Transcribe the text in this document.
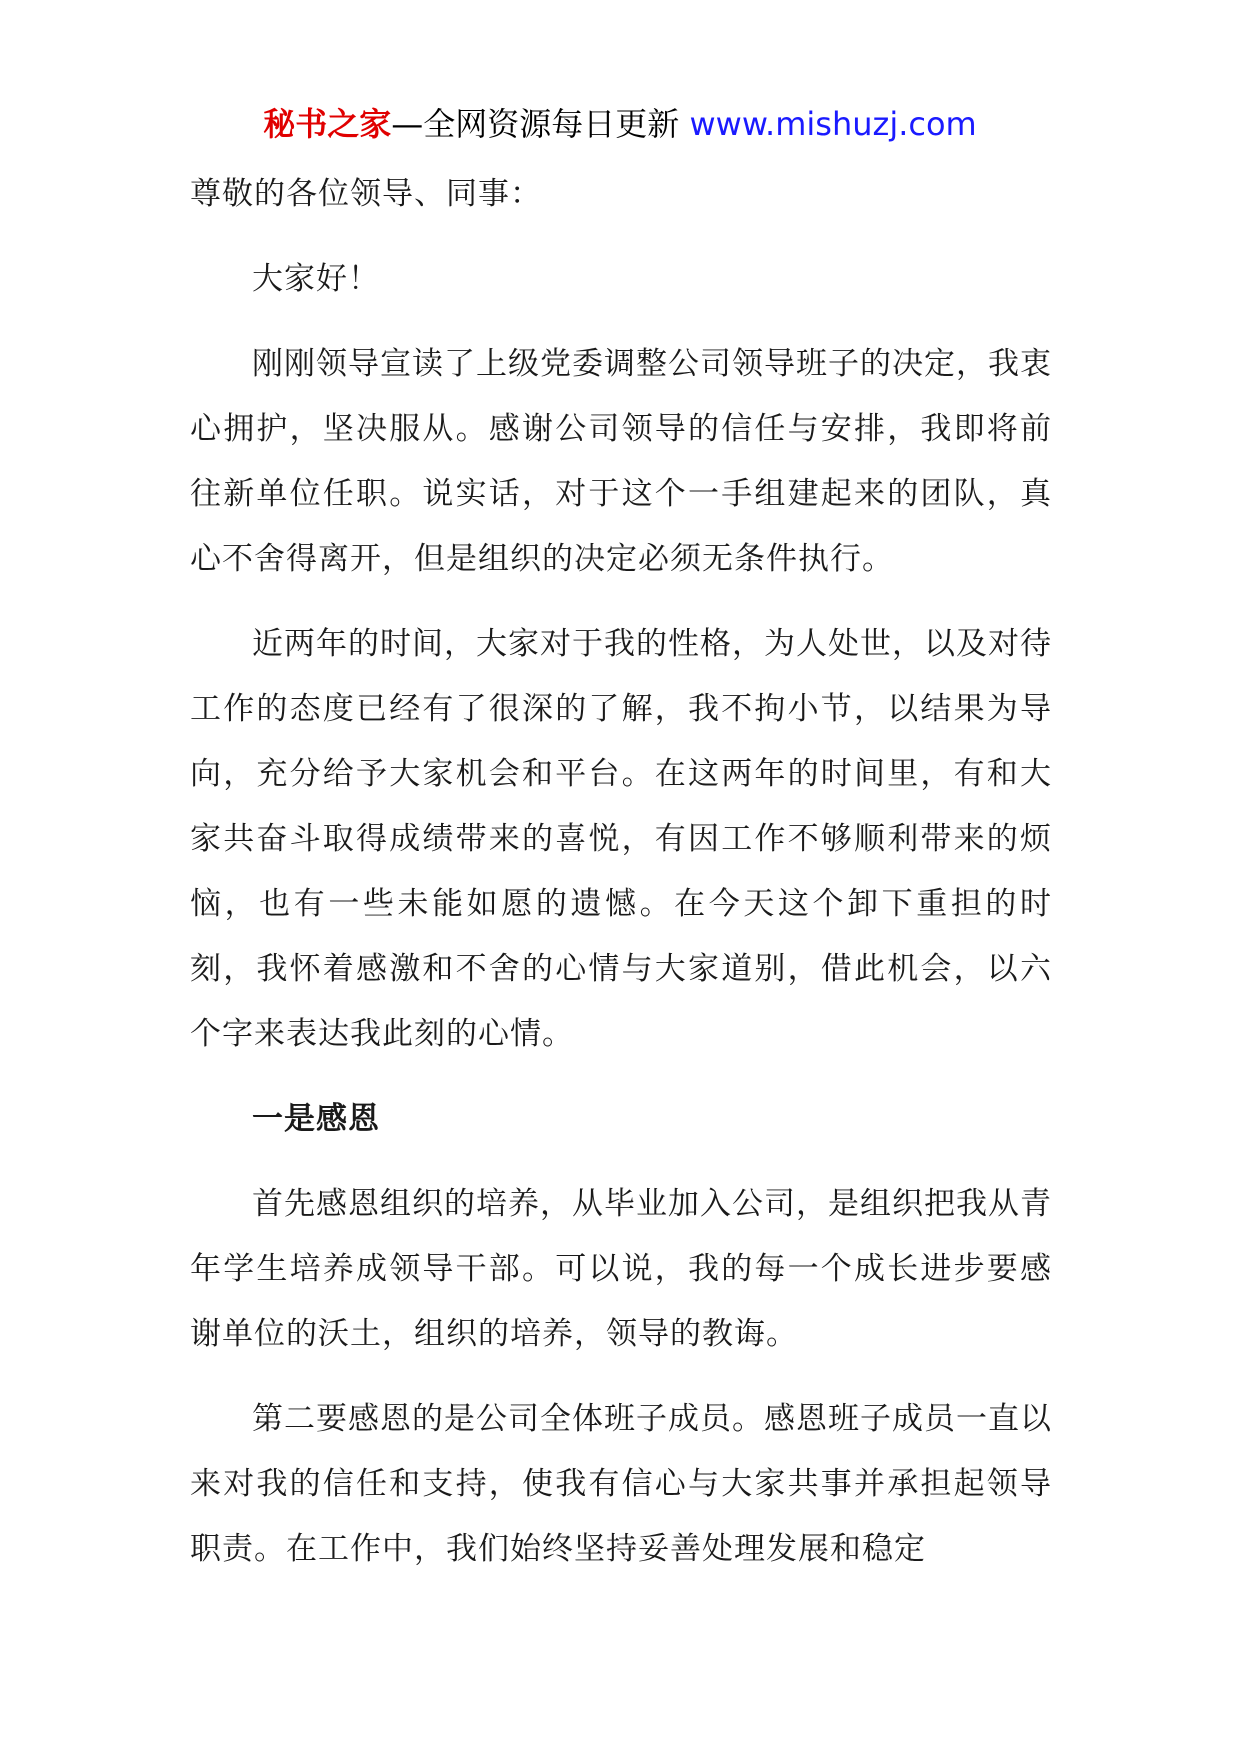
秘书之家—全网资源每日更新 www.mishuzj.com

尊敬的各位领导、同事：

大家好！

刚刚领导宣读了上级党委调整公司领导班子的决定，我衷心拥护，坚决服从。感谢公司领导的信任与安排，我即将前往新单位任职。说实话，对于这个一手组建起来的团队，真心不舍得离开，但是组织的决定必须无条件执行。

近两年的时间，大家对于我的性格，为人处世，以及对待工作的态度已经有了很深的了解，我不拘小节，以结果为导向，充分给予大家机会和平台。在这两年的时间里，有和大家共奋斗取得成绩带来的喜悦，有因工作不够顺利带来的烦恼，也有一些未能如愿的遗憾。在今天这个卸下重担的时刻，我怀着感激和不舍的心情与大家道别，借此机会，以六个字来表达我此刻的心情。

一是感恩

首先感恩组织的培养，从毕业加入公司，是组织把我从青年学生培养成领导干部。可以说，我的每一个成长进步要感谢单位的沃土，组织的培养，领导的教诲。

第二要感恩的是公司全体班子成员。感恩班子成员一直以来对我的信任和支持，使我有信心与大家共事并承担起领导职责。在工作中，我们始终坚持妥善处理发展和稳定
